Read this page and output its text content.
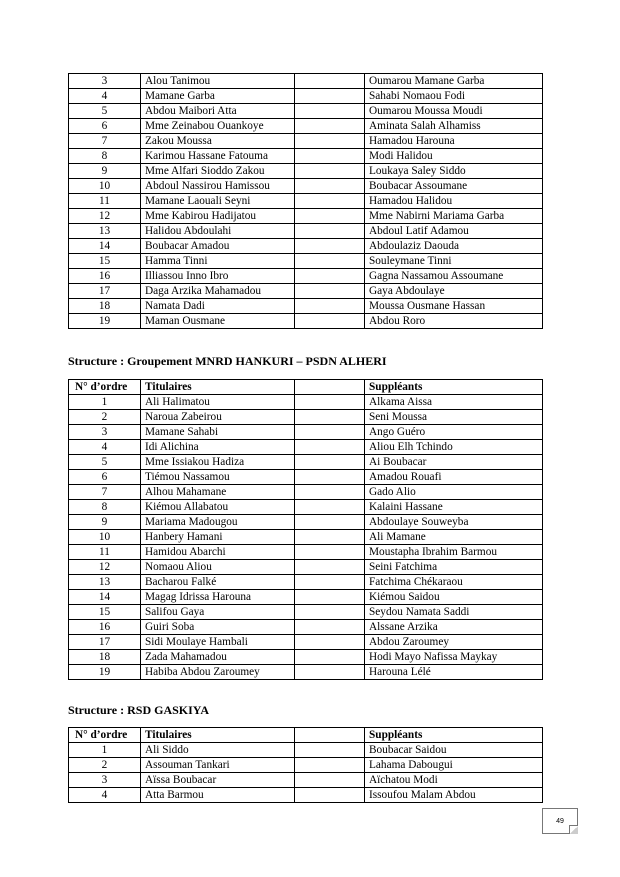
3	Alou Tanimou		Oumarou Mamane Garba
4	Mamane Garba		Sahabi Nomaou Fodi
5	Abdou Maibori Atta		Oumarou Moussa Moudi
6	Mme Zeinabou Ouankoye		Aminata Salah Alhamiss
7	Zakou Moussa		Hamadou Harouna
8	Karimou Hassane Fatouma		Modi Halidou
9	Mme Alfari Sioddo Zakou		Loukaya Saley Siddo
10	Abdoul Nassirou Hamissou		Boubacar Assoumane
11	Mamane Laouali Seyni		Hamadou Halidou
12	Mme Kabirou Hadijatou		Mme Nabirni Mariama Garba
13	Halidou Abdoulahi		Abdoul Latif Adamou
14	Boubacar Amadou		Abdoulaziz Daouda
15	Hamma Tinni		Souleymane Tinni
16	Illiassou Inno Ibro		Gagna Nassamou Assoumane
17	Daga Arzika Mahamadou		Gaya Abdoulaye
18	Namata Dadi		Moussa Ousmane Hassan
19	Maman Ousmane		Abdou Roro
Structure : Groupement MNRD HANKURI – PSDN ALHERI
N° d’ordre	Titulaires		Suppléants
1	Ali Halimatou		Alkama Aissa
2	Naroua Zabeirou		Seni Moussa
3	Mamane Sahabi		Ango Guéro
4	Idi Alichina		Aliou Elh Tchindo
5	Mme Issiakou Hadiza		Ai Boubacar
6	Tiémou Nassamou		Amadou Rouafi
7	Alhou Mahamane		Gado Alio
8	Kiémou Allabatou		Kalaini Hassane
9	Mariama Madougou		Abdoulaye Souweyba
10	Hanbery Hamani		Ali Mamane
11	Hamidou Abarchi		Moustapha Ibrahim Barmou
12	Nomaou Aliou		Seini Fatchima
13	Bacharou Falké		Fatchima Chékaraou
14	Magag Idrissa Harouna		Kiémou Saidou
15	Salifou Gaya		Seydou Namata Saddi
16	Guiri Soba		Alssane Arzika
17	Sidi Moulaye Hambali		Abdou Zaroumey
18	Zada Mahamadou		Hodi Mayo Nafissa Maykay
19	Habiba Abdou Zaroumey		Harouna Lélé
Structure : RSD GASKIYA
N° d’ordre	Titulaires		Suppléants
1	Ali Siddo		Boubacar Saidou
2	Assouman Tankari		Lahama Dabougui
3	Aïssa Boubacar		Aïchatou Modi
4	Atta Barmou		Issoufou Malam Abdou
49
